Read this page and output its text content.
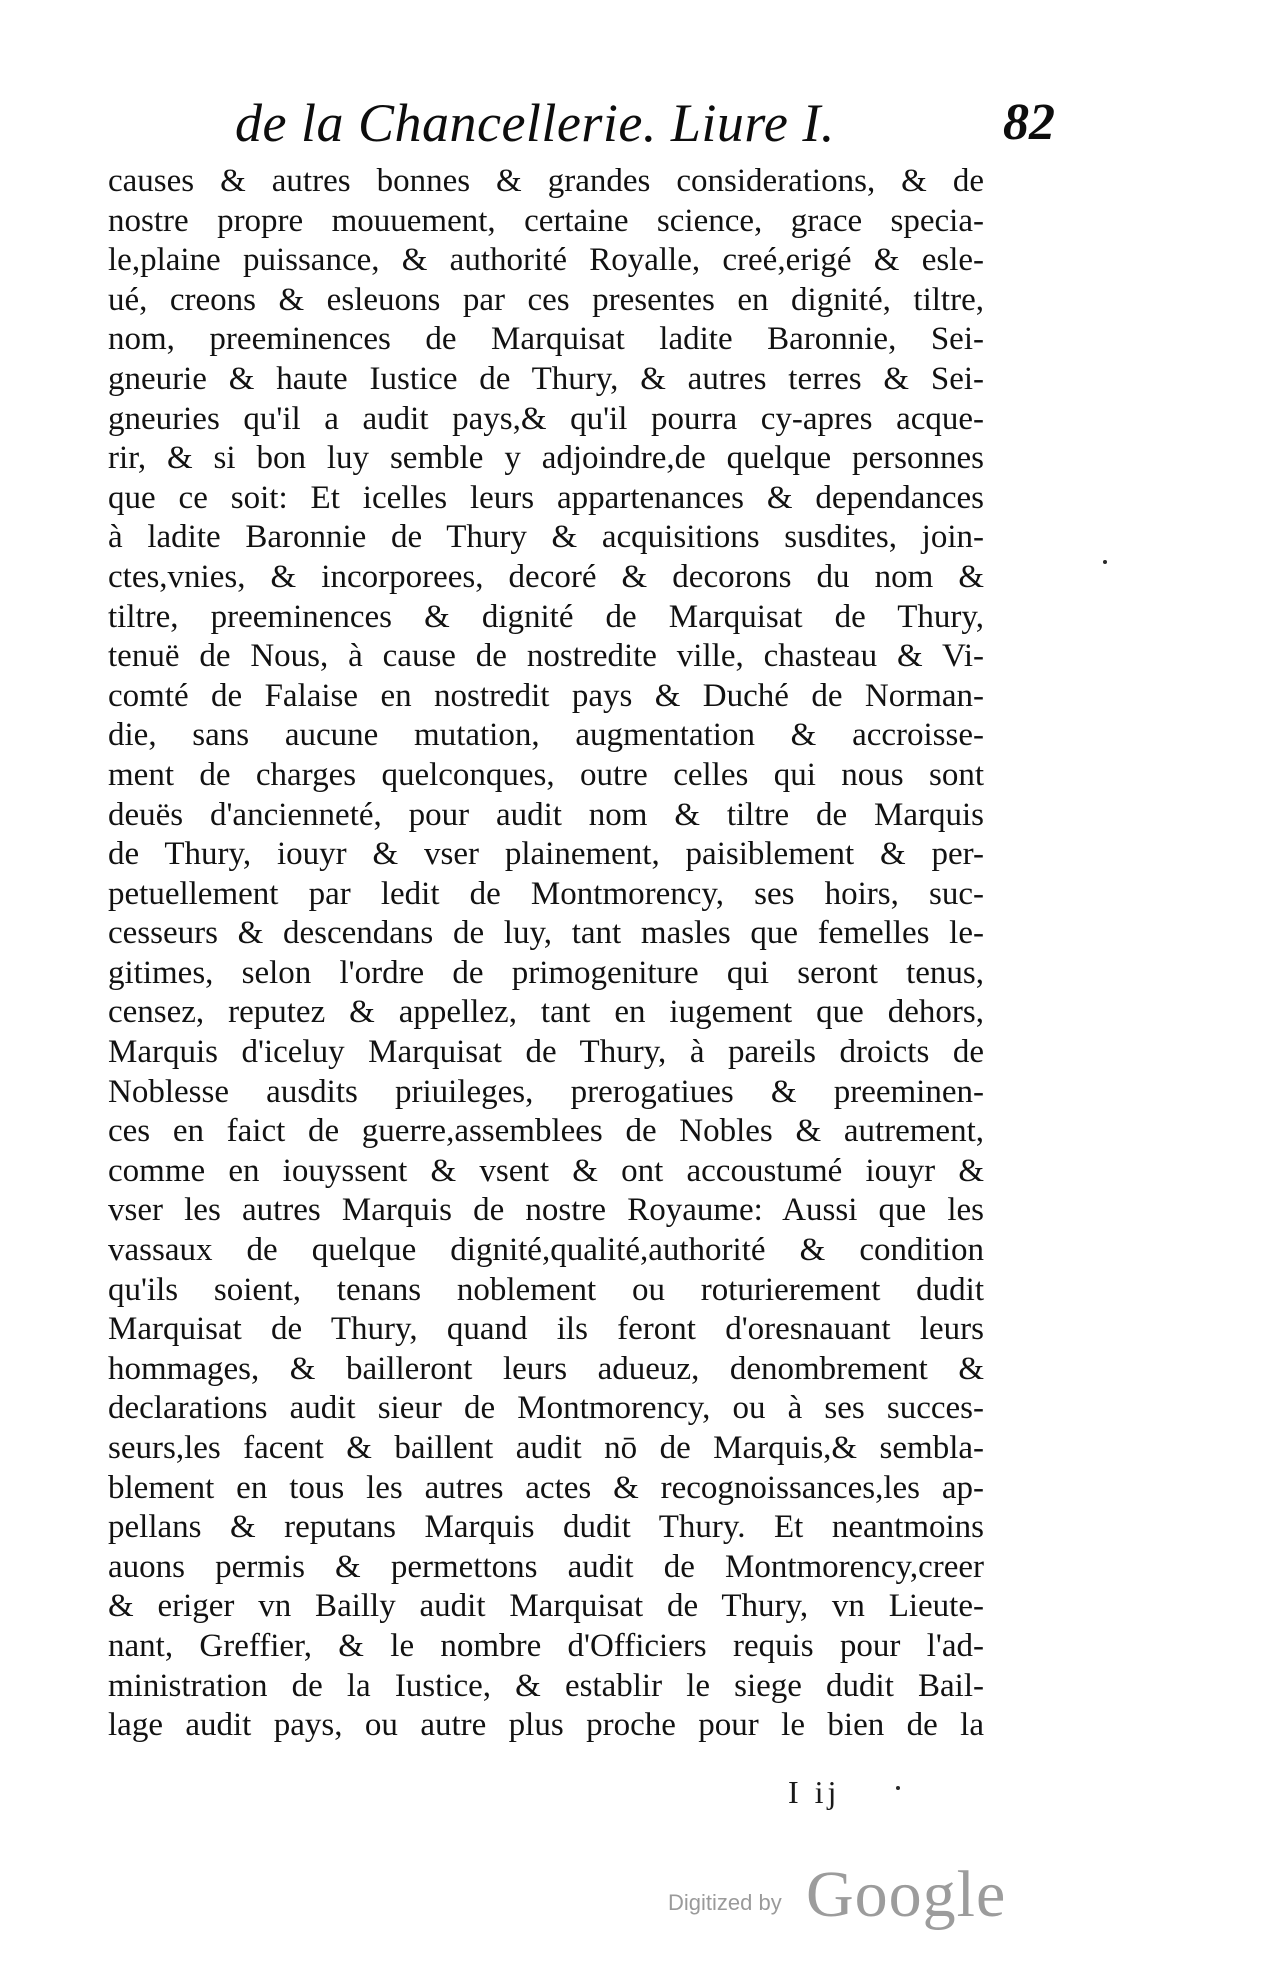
de la Chancellerie. Liure I.	82
causes & autres bonnes & grandes considerations, & de
nostre propre mouuement, certaine science, grace specia-
le,plaine puissance, & authorité Royalle, creé,erigé & esle-
ué, creons & esleuons par ces presentes en dignité, tiltre,
nom, preeminences de Marquisat ladite Baronnie, Sei-
gneurie & haute Iustice de Thury, & autres terres & Sei-
gneuries qu'il a audit pays,& qu'il pourra cy-apres acque-
rir, & si bon luy semble y adjoindre,de quelque personnes
que ce soit: Et icelles leurs appartenances & dependances
à ladite Baronnie de Thury & acquisitions susdites, join-
ctes,vnies, & incorporees, decoré & decorons du nom &
tiltre, preeminences & dignité de Marquisat de Thury,
tenuë de Nous, à cause de nostredite ville, chasteau & Vi-
comté de Falaise en nostredit pays & Duché de Norman-
die, sans aucune mutation, augmentation & accroisse-
ment de charges quelconques, outre celles qui nous sont
deuës d'ancienneté, pour audit nom & tiltre de Marquis
de Thury, iouyr & vser plainement, paisiblement & per-
petuellement par ledit de Montmorency, ses hoirs, suc-
cesseurs & descendans de luy, tant masles que femelles le-
gitimes, selon l'ordre de primogeniture qui seront tenus,
censez, reputez & appellez, tant en iugement que dehors,
Marquis d'iceluy Marquisat de Thury, à pareils droicts de
Noblesse ausdits priuileges, prerogatiues & preeminen-
ces en faict de guerre,assemblees de Nobles & autrement,
comme en iouyssent & vsent & ont accoustumé iouyr &
vser les autres Marquis de nostre Royaume: Aussi que les
vassaux de quelque dignité,qualité,authorité & condition
qu'ils soient, tenans noblement ou roturierement dudit
Marquisat de Thury, quand ils feront d'oresnauant leurs
hommages, & bailleront leurs adueuz, denombrement &
declarations audit sieur de Montmorency, ou à ses succes-
seurs,les facent & baillent audit nō de Marquis,& sembla-
blement en tous les autres actes & recognoissances,les ap-
pellans & reputans Marquis dudit Thury. Et neantmoins
auons permis & permettons audit de Montmorency,creer
& eriger vn Bailly audit Marquisat de Thury, vn Lieute-
nant, Greffier, & le nombre d'Officiers requis pour l'ad-
ministration de la Iustice, & establir le siege dudit Bail-
lage audit pays, ou autre plus proche pour le bien de la
I ij
Digitized by Google
